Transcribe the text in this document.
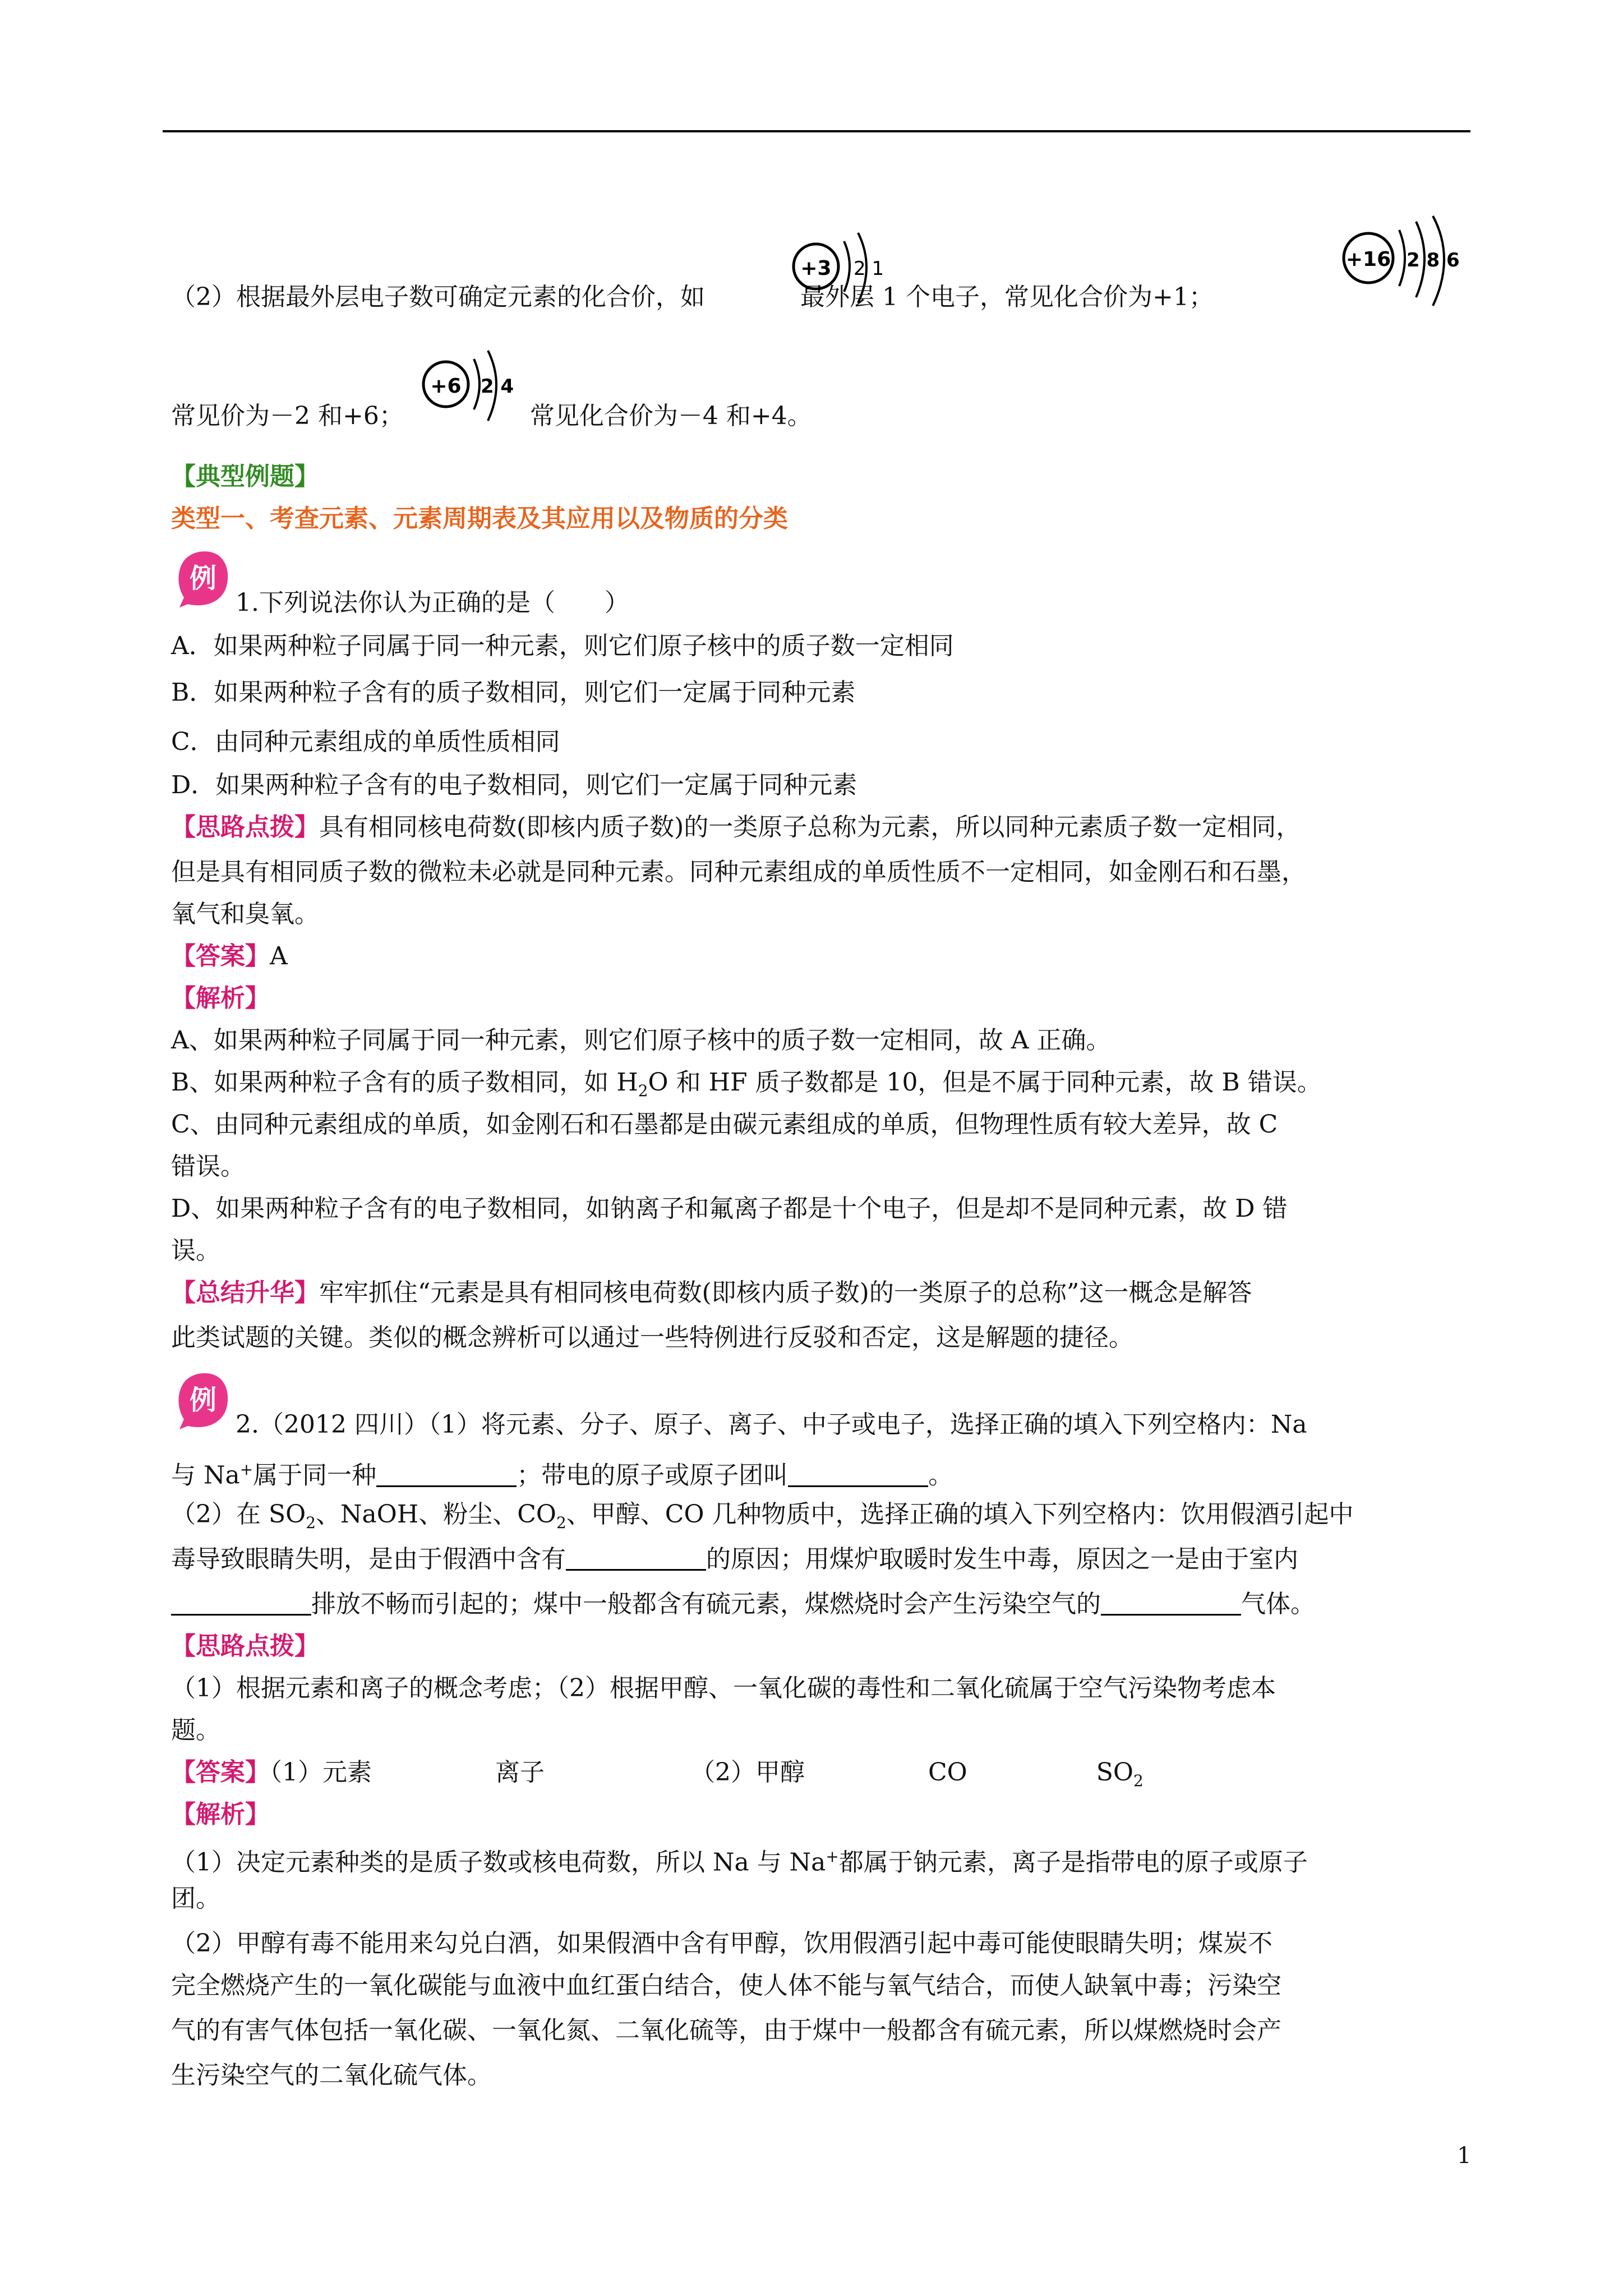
（2）根据最外层电子数可确定元素的化合价，如	最外层 1 个电子，常见化合价为+1；
+3 2 1	+16 2 8 6
常见价为－2 和+6；	常见化合价为－4 和+4。
+6 2 4
【典型例题】
类型一、考查元素、元素周期表及其应用以及物质的分类
例
1.下列说法你认为正确的是（　　）
A．如果两种粒子同属于同一种元素，则它们原子核中的质子数一定相同
B．如果两种粒子含有的质子数相同，则它们一定属于同种元素
C．由同种元素组成的单质性质相同
D．如果两种粒子含有的电子数相同，则它们一定属于同种元素
【思路点拨】具有相同核电荷数(即核内质子数)的一类原子总称为元素，所以同种元素质子数一定相同，
但是具有相同质子数的微粒未必就是同种元素。同种元素组成的单质性质不一定相同，如金刚石和石墨，
氧气和臭氧。
【答案】A
【解析】
A、如果两种粒子同属于同一种元素，则它们原子核中的质子数一定相同，故 A 正确。
B、如果两种粒子含有的质子数相同，如 $H_2O$ 和 HF 质子数都是 10，但是不属于同种元素，故 B 错误。
C、由同种元素组成的单质，如金刚石和石墨都是由碳元素组成的单质，但物理性质有较大差异，故 C
错误。
D、如果两种粒子含有的电子数相同，如钠离子和氟离子都是十个电子，但是却不是同种元素，故 D 错
误。
【总结升华】牢牢抓住“元素是具有相同核电荷数(即核内质子数)的一类原子的总称”这一概念是解答
此类试题的关键。类似的概念辨析可以通过一些特例进行反驳和否定，这是解题的捷径。
例
2.（2012 四川）（1）将元素、分子、原子、离子、中子或电子，选择正确的填入下列空格内：Na
与 Na+属于同一种	；带电的原子或原子团叫	。
（2）在 $SO_2$、NaOH、粉尘、$CO_2$、甲醇、CO 几种物质中，选择正确的填入下列空格内：饮用假酒引起中
毒导致眼睛失明，是由于假酒中含有	的原因；用煤炉取暖时发生中毒，原因之一是由于室内
排放不畅而引起的；煤中一般都含有硫元素，煤燃烧时会产生污染空气的	气体。
【思路点拨】
（1）根据元素和离子的概念考虑；（2）根据甲醇、一氧化碳的毒性和二氧化硫属于空气污染物考虑本
题。
【答案】（1）元素	离子	（2）甲醇	CO	$SO_2$
【解析】
（1）决定元素种类的是质子数或核电荷数，所以 Na 与 Na+都属于钠元素，离子是指带电的原子或原子
团。
（2）甲醇有毒不能用来勾兑白酒，如果假酒中含有甲醇，饮用假酒引起中毒可能使眼睛失明；煤炭不
完全燃烧产生的一氧化碳能与血液中血红蛋白结合，使人体不能与氧气结合，而使人缺氧中毒；污染空
气的有害气体包括一氧化碳、一氧化氮、二氧化硫等，由于煤中一般都含有硫元素，所以煤燃烧时会产
生污染空气的二氧化硫气体。
1
